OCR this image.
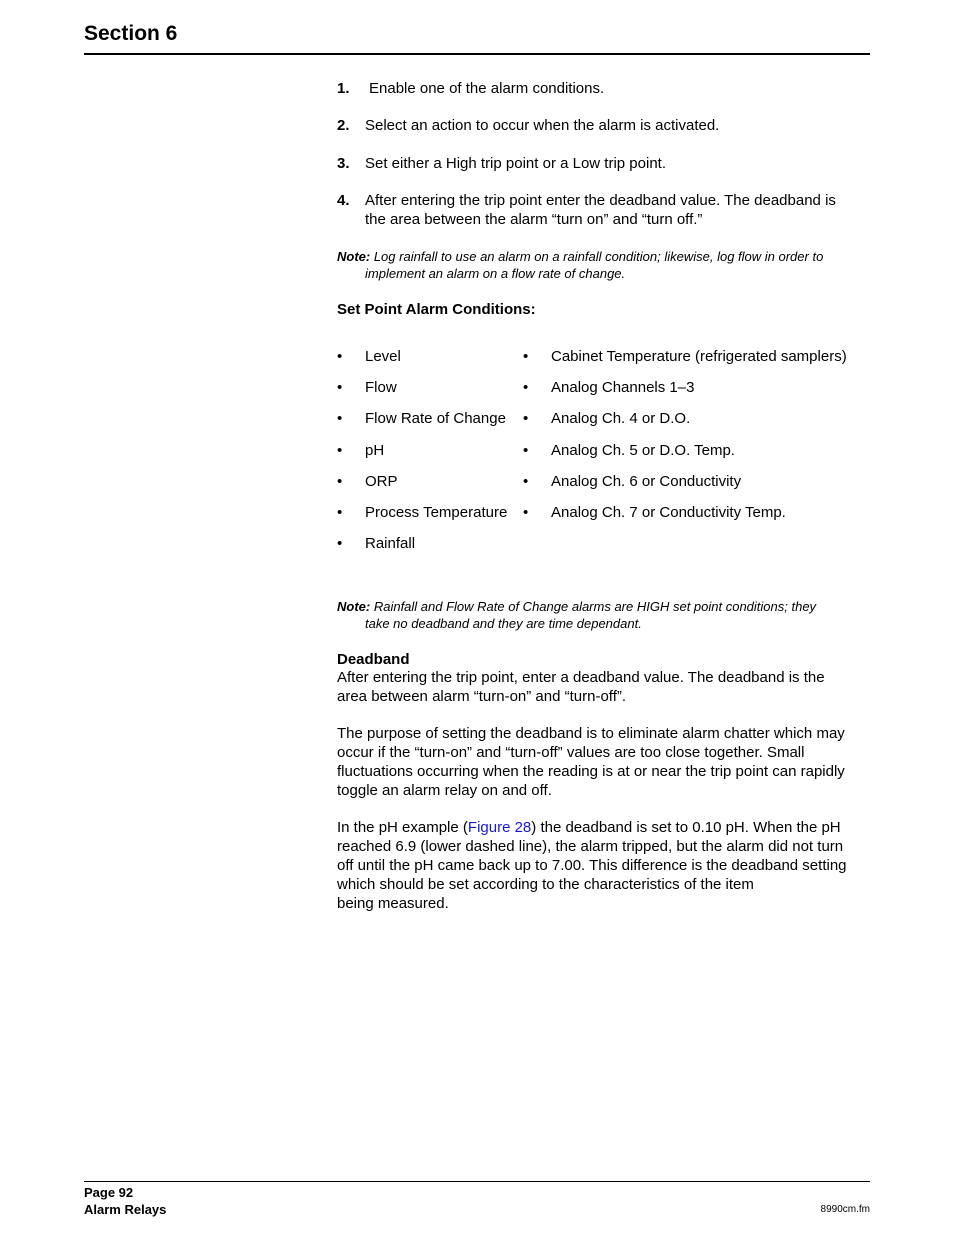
Section 6
1.	Enable one of the alarm conditions.
2.	Select an action to occur when the alarm is activated.
3.	Set either a High trip point or a Low trip point.
4.	After entering the trip point enter the deadband value. The deadband is
the area between the alarm “turn on” and “turn off.”
Note: Log rainfall to use an alarm on a rainfall condition; likewise, log flow in order to
implement an alarm on a flow rate of change.
Set Point Alarm Conditions:
• Level
• Flow
• Flow Rate of Change
• pH
• ORP
• Process Temperature
• Rainfall
• Cabinet Temperature (refrigerated samplers)
• Analog Channels 1–3
• Analog Ch. 4 or D.O.
• Analog Ch. 5 or D.O. Temp.
• Analog Ch. 6 or Conductivity
• Analog Ch. 7 or Conductivity Temp.
Note: Rainfall and Flow Rate of Change alarms are HIGH set point conditions; they
take no deadband and they are time dependant.
Deadband
After entering the trip point, enter a deadband value. The deadband is the
area between alarm “turn-on” and “turn-off”.
The purpose of setting the deadband is to eliminate alarm chatter which may
occur if the “turn-on” and “turn-off” values are too close together. Small
fluctuations occurring when the reading is at or near the trip point can rapidly
toggle an alarm relay on and off.
In the pH example (Figure 28) the deadband is set to 0.10 pH. When the pH
reached 6.9 (lower dashed line), the alarm tripped, but the alarm did not turn
off until the pH came back up to 7.00. This difference is the deadband setting
which should be set according to the characteristics of the item
being measured.
Page 92
Alarm Relays	8990cm.fm
